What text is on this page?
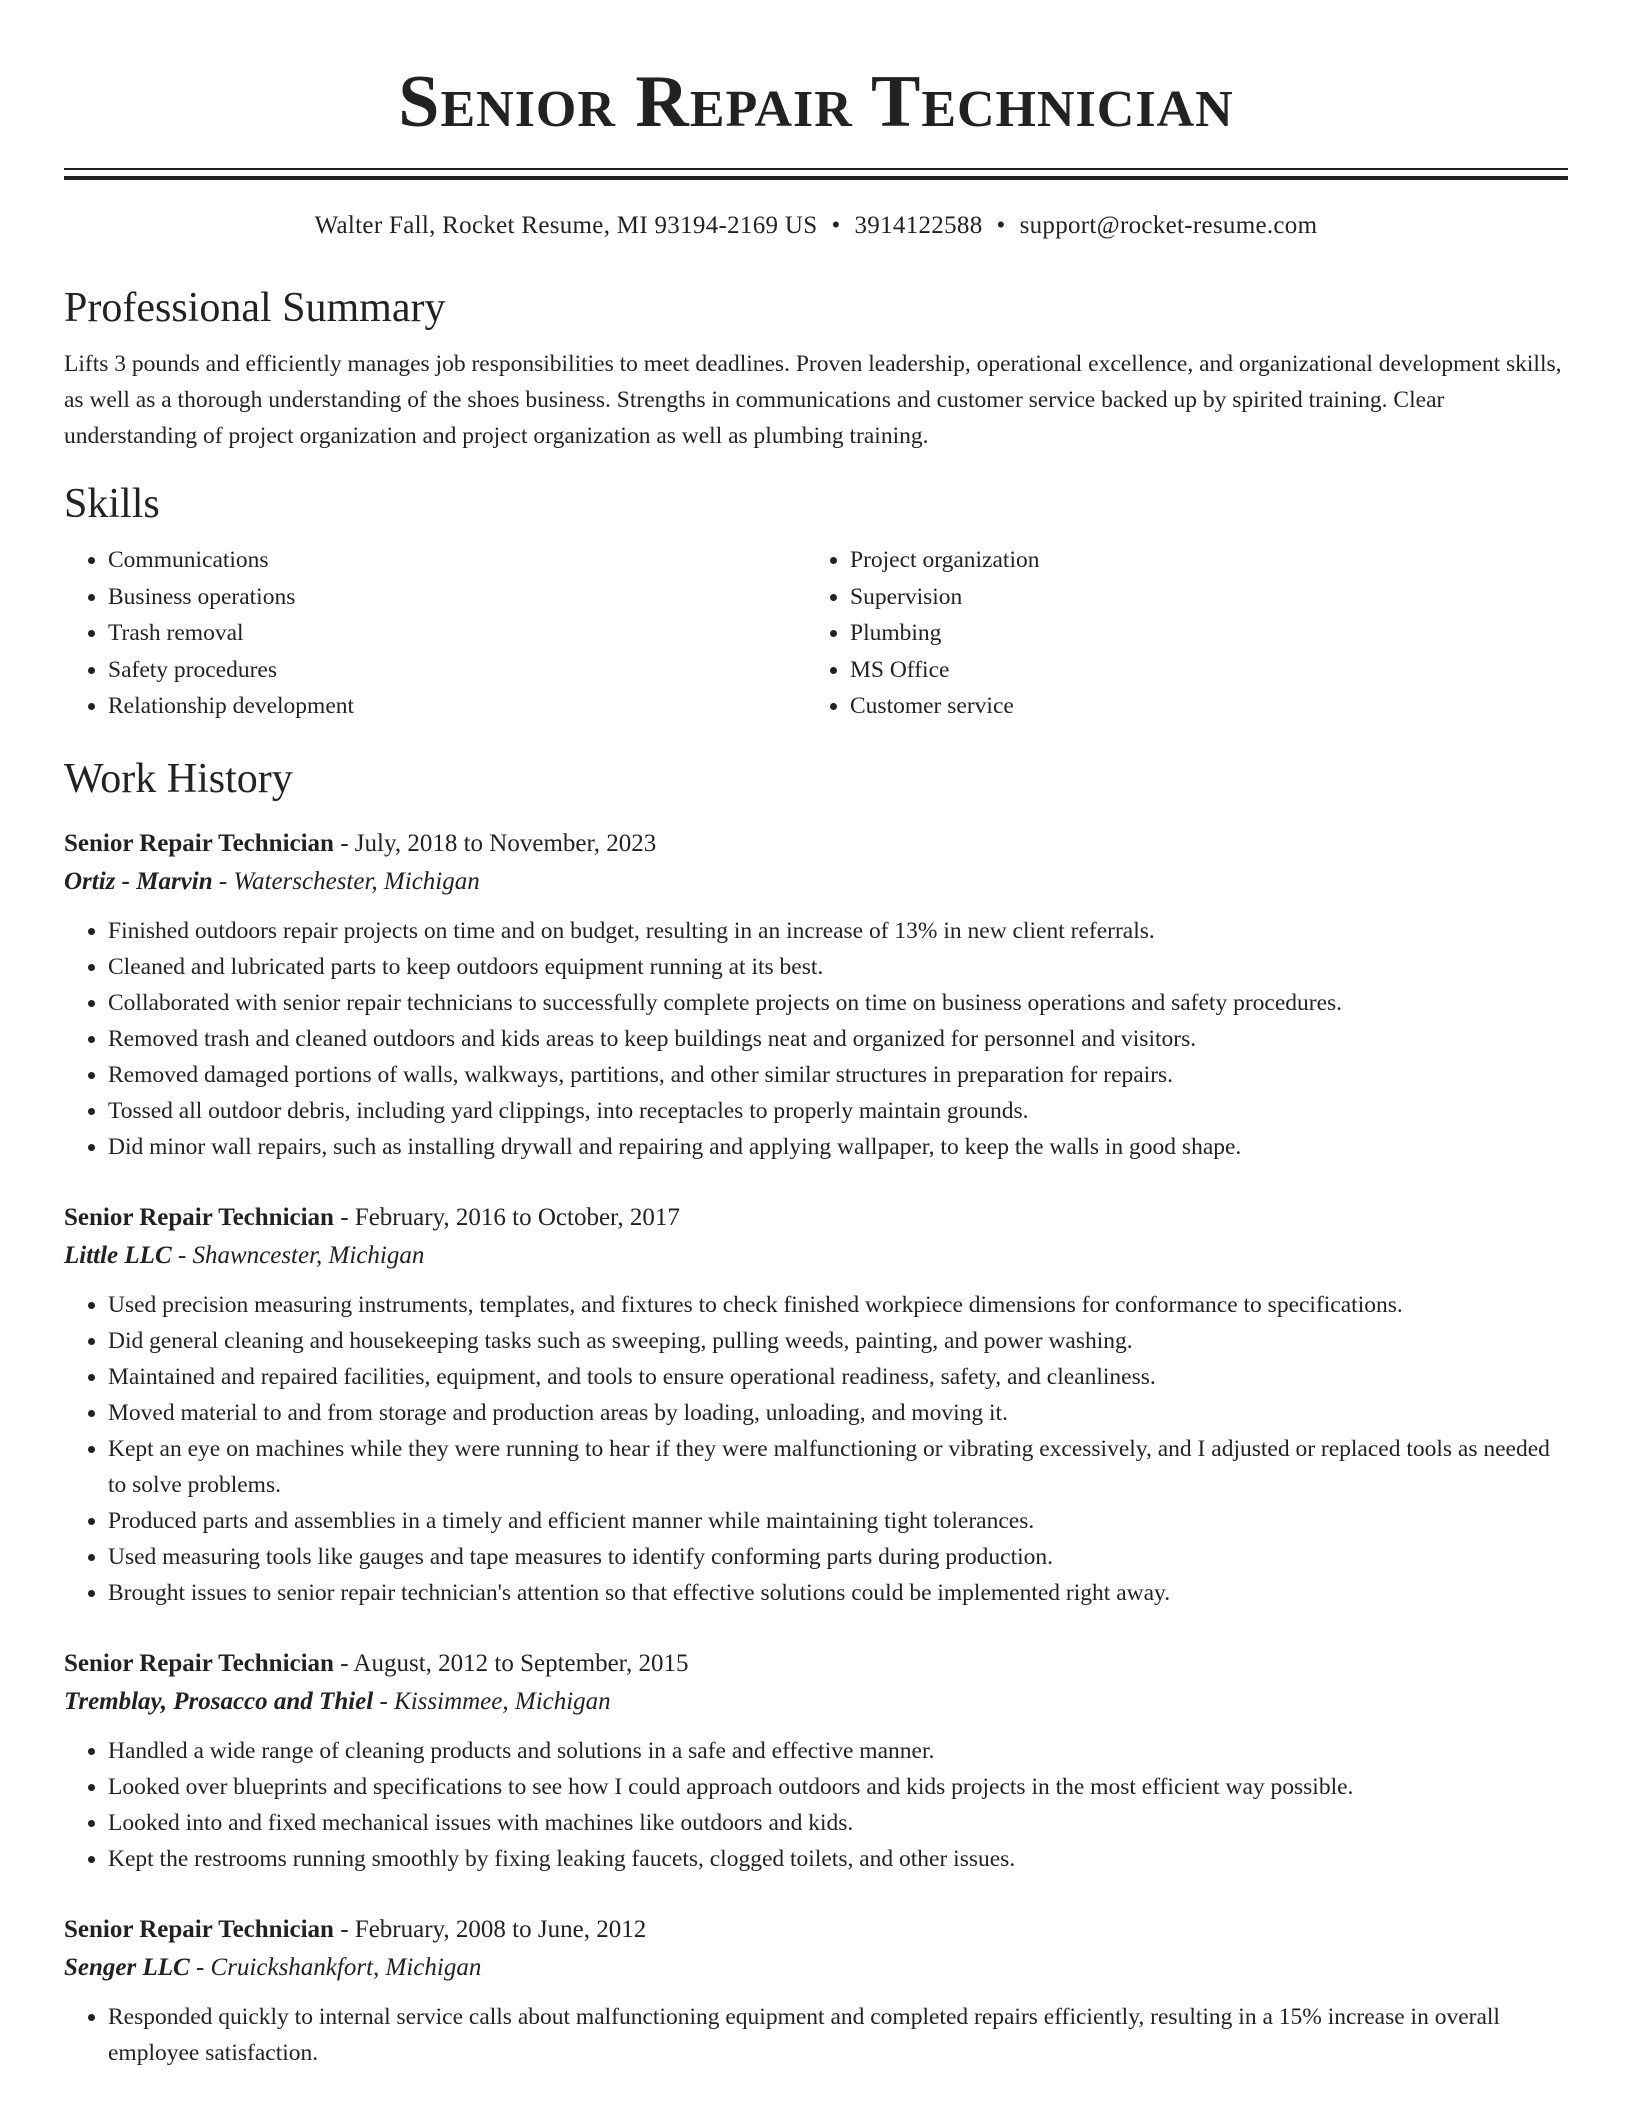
Senior Repair Technician
Walter Fall, Rocket Resume, MI 93194-2169 US • 3914122588 • support@rocket-resume.com
Professional Summary

Lifts 3 pounds and efficiently manages job responsibilities to meet deadlines. Proven leadership, operational excellence, and organizational development skills, as well as a thorough understanding of the shoes business. Strengths in communications and customer service backed up by spirited training. Clear understanding of project organization and project organization as well as plumbing training.

Skills
• Communications
• Business operations
• Trash removal
• Safety procedures
• Relationship development
• Project organization
• Supervision
• Plumbing
• MS Office
• Customer service
Work History
Senior Repair Technician - July, 2018 to November, 2023
Ortiz - Marvin - Waterschester, Michigan
• Finished outdoors repair projects on time and on budget, resulting in an increase of 13% in new client referrals.
• Cleaned and lubricated parts to keep outdoors equipment running at its best.
• Collaborated with senior repair technicians to successfully complete projects on time on business operations and safety procedures.
• Removed trash and cleaned outdoors and kids areas to keep buildings neat and organized for personnel and visitors.
• Removed damaged portions of walls, walkways, partitions, and other similar structures in preparation for repairs.
• Tossed all outdoor debris, including yard clippings, into receptacles to properly maintain grounds.
• Did minor wall repairs, such as installing drywall and repairing and applying wallpaper, to keep the walls in good shape.
Senior Repair Technician - February, 2016 to October, 2017
Little LLC - Shawncester, Michigan
• Used precision measuring instruments, templates, and fixtures to check finished workpiece dimensions for conformance to specifications.
• Did general cleaning and housekeeping tasks such as sweeping, pulling weeds, painting, and power washing.
• Maintained and repaired facilities, equipment, and tools to ensure operational readiness, safety, and cleanliness.
• Moved material to and from storage and production areas by loading, unloading, and moving it.
• Kept an eye on machines while they were running to hear if they were malfunctioning or vibrating excessively, and I adjusted or replaced tools as needed to solve problems.
• Produced parts and assemblies in a timely and efficient manner while maintaining tight tolerances.
• Used measuring tools like gauges and tape measures to identify conforming parts during production.
• Brought issues to senior repair technician's attention so that effective solutions could be implemented right away.
Senior Repair Technician - August, 2012 to September, 2015
Tremblay, Prosacco and Thiel - Kissimmee, Michigan
• Handled a wide range of cleaning products and solutions in a safe and effective manner.
• Looked over blueprints and specifications to see how I could approach outdoors and kids projects in the most efficient way possible.
• Looked into and fixed mechanical issues with machines like outdoors and kids.
• Kept the restrooms running smoothly by fixing leaking faucets, clogged toilets, and other issues.
Senior Repair Technician - February, 2008 to June, 2012
Senger LLC - Cruickshankfort, Michigan
• Responded quickly to internal service calls about malfunctioning equipment and completed repairs efficiently, resulting in a 15% increase in overall employee satisfaction.
